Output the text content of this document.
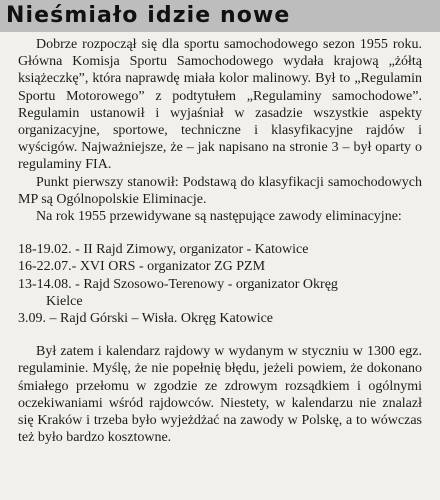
Nieśmiało idzie nowe

Dobrze rozpoczął się dla sportu samochodowego sezon 1955 roku. Główna Komisja Sportu Samochodowego wydała krajową „żółtą książeczkę”, która naprawdę miała kolor malinowy. Był to „Regulamin Sportu Motorowego” z podtytułem „Regulaminy samochodowe”. Regulamin ustanowił i wyjaśniał w zasadzie wszystkie aspekty organizacyjne, sportowe, techniczne i klasyfikacyjne rajdów i wyścigów. Najważniejsze, że – jak napisano na stronie 3 – był oparty o regulaminy FIA.

Punkt pierwszy stanowił: Podstawą do klasyfikacji samochodowych MP są Ogólnopolskie Eliminacje.

Na rok 1955 przewidywane są następujące zawody eliminacyjne:

18-19.02. - II Rajd Zimowy, organizator - Katowice
16-22.07.- XVI ORS - organizator ZG PZM
13-14.08. - Rajd Szosowo-Terenowy - organizator Okręg
Kielce
3.09. – Rajd Górski – Wisła. Okręg Katowice

Był zatem i kalendarz rajdowy w wydanym w styczniu w 1300 egz. regulaminie. Myślę, że nie popełnię błędu, jeżeli powiem, że dokonano śmiałego przełomu w zgodzie ze zdrowym rozsądkiem i ogólnymi oczekiwaniami wśród rajdowców. Niestety, w kalendarzu nie znalazł się Kraków i trzeba było wyjeżdżać na zawody w Polskę, a to wówczas też było bardzo kosztowne.
